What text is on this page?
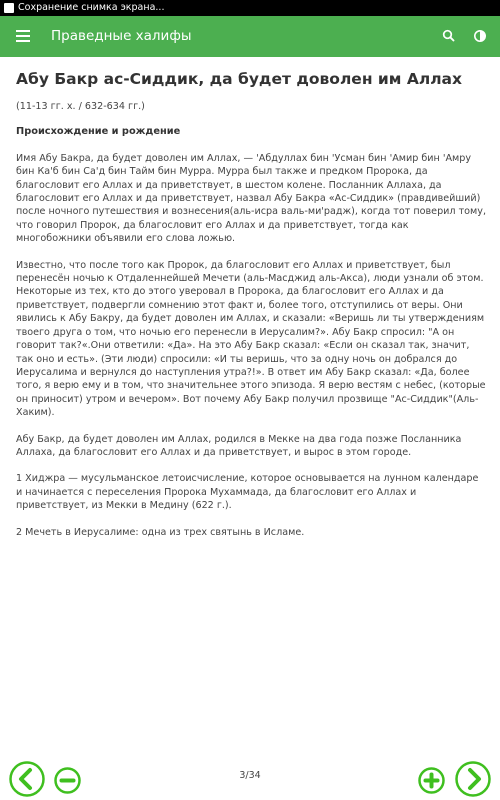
Сохранение снимка экрана...
Праведные халифы
Абу Бакр ас-Сиддик, да будет доволен им Аллах
(11-13 гг. х. / 632-634 гг.)
Происхождение и рождение

Имя Абу Бакра, да будет доволен им Аллах, — 'Абдуллах бин 'Усман бин 'Амир бин 'Амру бин Ка'б бин Са'д бин Тайм бин Мурра. Мурра был также и предком Пророка, да благословит его Аллах и да приветствует, в шестом колене. Посланник Аллаха, да благословит его Аллах и да приветствует, назвал Абу Бакра «Ас-Сиддик» (правдивейший) после ночного путешествия и вознесения(аль-исра валь-ми'радж), когда тот поверил тому, что говорил Пророк, да благословит его Аллах и да приветствует, тогда как многобожники объявили его слова ложью.

Известно, что после того как Пророк, да благословит его Аллах и приветствует, был перенесён ночью к Отдаленнейшей Мечети (аль-Масджид аль-Акса), люди узнали об этом. Некоторые из тех, кто до этого уверовал в Пророка, да благословит его Аллах и да приветствует, подвергли сомнению этот факт и, более того, отступились от веры. Они явились к Абу Бакру, да будет доволен им Аллах, и сказали: «Веришь ли ты утверждениям твоего друга о том, что ночью его перенесли в Иерусалим?». Абу Бакр спросил: "А он говорит так?«.Они ответили: «Да». На это Абу Бакр сказал: «Если он сказал так, значит, так оно и есть». (Эти люди) спросили: «И ты веришь, что за одну ночь он добрался до Иерусалима и вернулся до наступления утра?!». В ответ им Абу Бакр сказал: «Да, более того, я верю ему и в том, что значительнее этого эпизода. Я верю вестям с небес, (которые он приносит) утром и вечером». Вот почему Абу Бакр получил прозвище "Ас-Сиддик"(Аль-Хаким).

Абу Бакр, да будет доволен им Аллах, родился в Мекке на два года позже Посланника Аллаха, да благословит его Аллах и да приветствует, и вырос в этом городе.

1 Хиджра — мусульманское летоисчисление, которое основывается на лунном календаре и начинается с переселения Пророка Мухаммада, да благословит его Аллах и приветствует, из Мекки в Медину (622 г.).

2 Мечеть в Иерусалиме: одна из трех святынь в Исламе.

3/34
